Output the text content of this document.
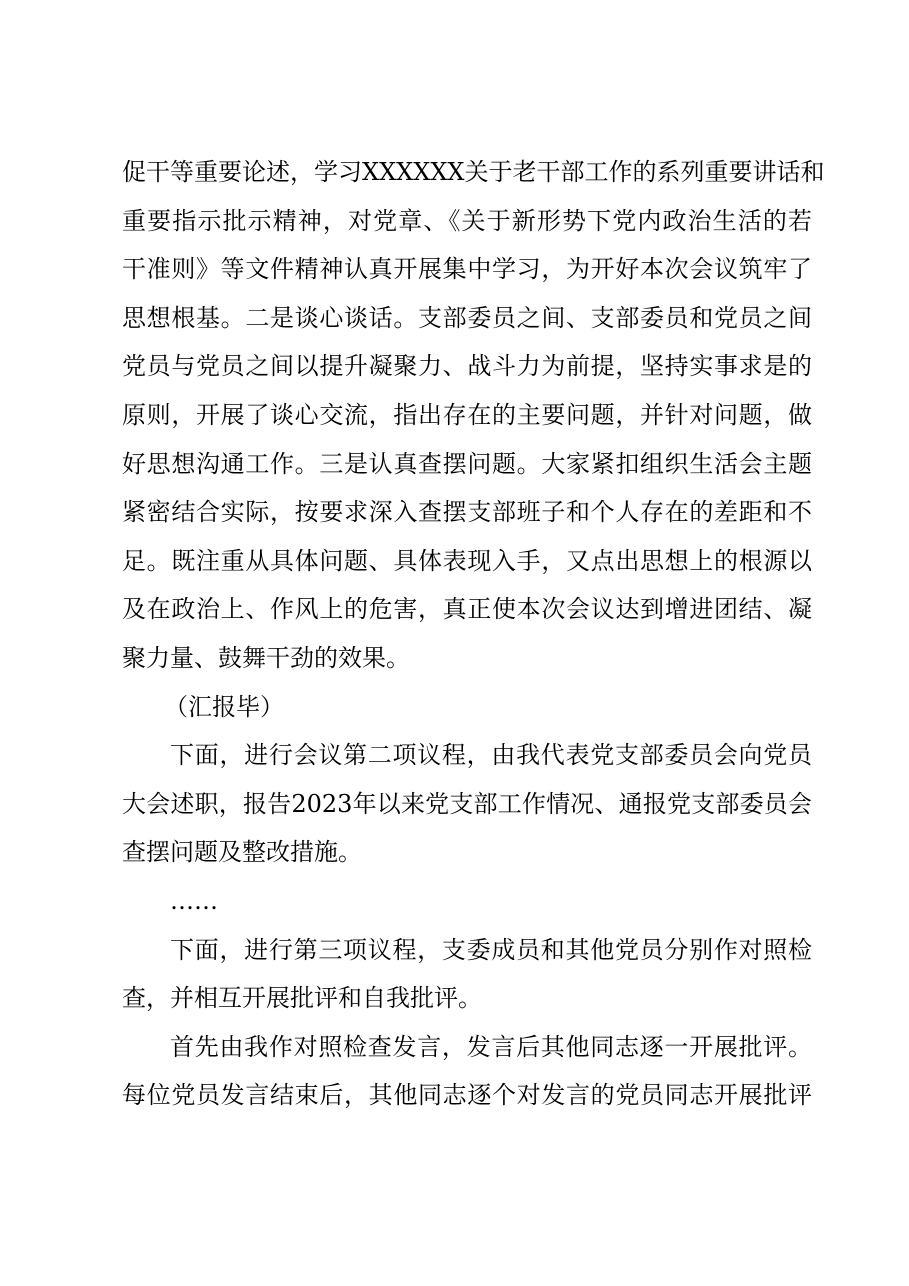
促干等重要论述，学习XXXXXX关于老干部工作的系列重要讲话和
重要指示批示精神，对党章、《关于新形势下党内政治生活的若
干准则》等文件精神认真开展集中学习，为开好本次会议筑牢了
思想根基。二是谈心谈话。支部委员之间、支部委员和党员之间
党员与党员之间以提升凝聚力、战斗力为前提，坚持实事求是的
原则，开展了谈心交流，指出存在的主要问题，并针对问题，做
好思想沟通工作。三是认真查摆问题。大家紧扣组织生活会主题
紧密结合实际，按要求深入查摆支部班子和个人存在的差距和不
足。既注重从具体问题、具体表现入手，又点出思想上的根源以
及在政治上、作风上的危害，真正使本次会议达到增进团结、凝
聚力量、鼓舞干劲的效果。
（汇报毕）
下面，进行会议第二项议程，由我代表党支部委员会向党员
大会述职，报告2023年以来党支部工作情况、通报党支部委员会
查摆问题及整改措施。
……
下面，进行第三项议程，支委成员和其他党员分别作对照检
查，并相互开展批评和自我批评。
首先由我作对照检查发言，发言后其他同志逐一开展批评。
每位党员发言结束后，其他同志逐个对发言的党员同志开展批评
